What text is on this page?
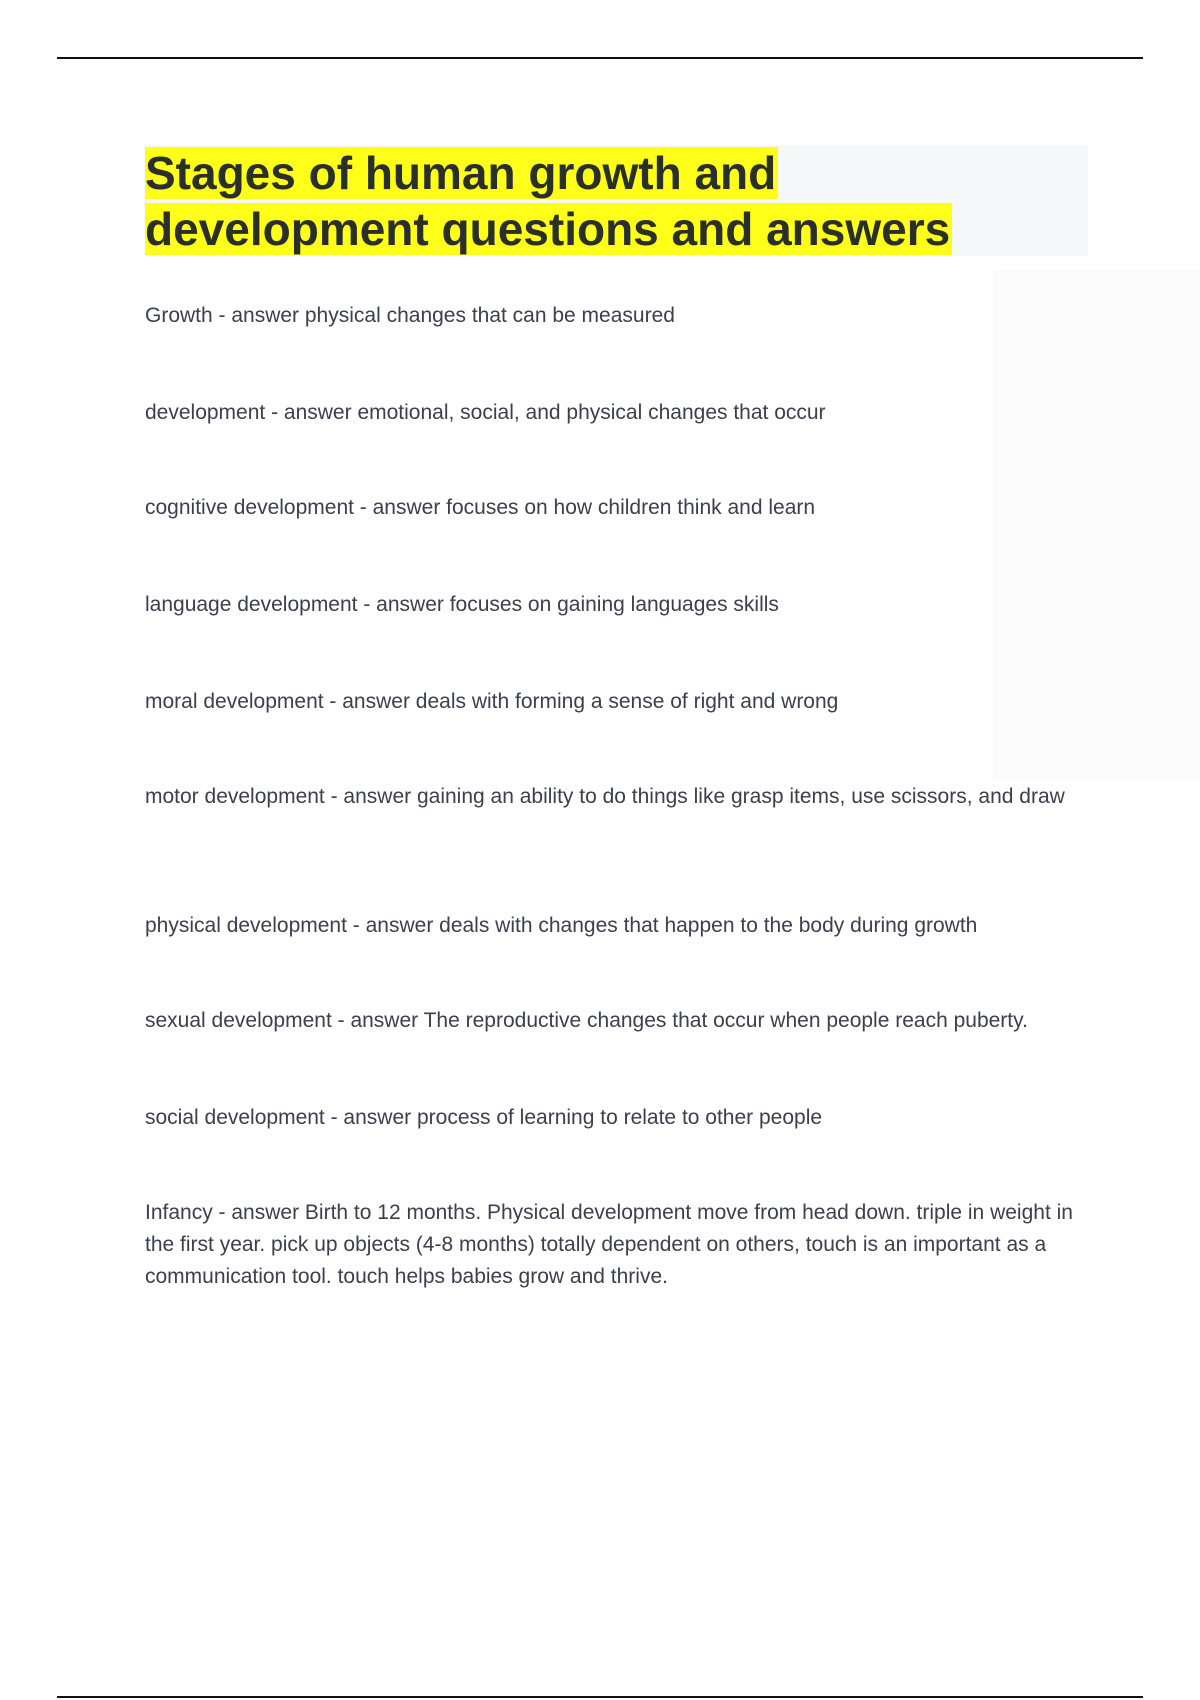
Stages of human growth and
development questions and answers
Growth - answer physical changes that can be measured
development - answer emotional, social, and physical changes that occur
cognitive development - answer focuses on how children think and learn
language development - answer focuses on gaining languages skills
moral development - answer deals with forming a sense of right and wrong
motor development - answer gaining an ability to do things like grasp items, use scissors, and draw
physical development - answer deals with changes that happen to the body during growth
sexual development - answer The reproductive changes that occur when people reach puberty.
social development - answer process of learning to relate to other people
Infancy - answer Birth to 12 months. Physical development move from head down. triple in weight in the first year. pick up objects (4-8 months) totally dependent on others, touch is an important as a communication tool. touch helps babies grow and thrive.
